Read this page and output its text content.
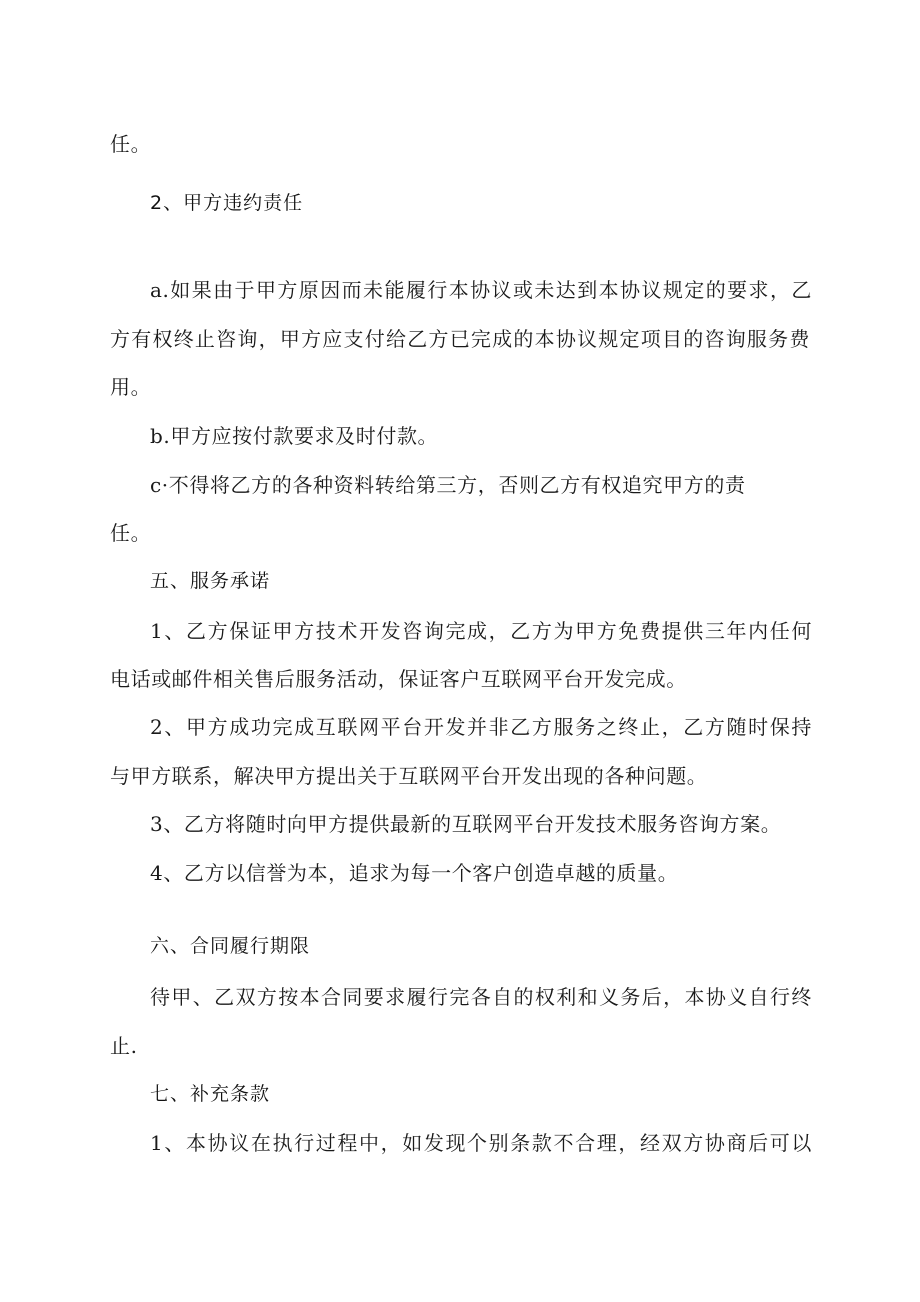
任。
2、甲方违约责任
a.如果由于甲方原因而未能履行本协议或未达到本协议规定的要求，乙
方有权终止咨询，甲方应支付给乙方已完成的本协议规定项目的咨询服务费
用。
b.甲方应按付款要求及时付款。
c·不得将乙方的各种资料转给第三方，否则乙方有权追究甲方的责
任。
五、服务承诺
1、乙方保证甲方技术开发咨询完成，乙方为甲方免费提供三年内任何
电话或邮件相关售后服务活动，保证客户互联网平台开发完成。
2、甲方成功完成互联网平台开发并非乙方服务之终止，乙方随时保持
与甲方联系，解决甲方提出关于互联网平台开发出现的各种问题。
3、乙方将随时向甲方提供最新的互联网平台开发技术服务咨询方案。
4、乙方以信誉为本，追求为每一个客户创造卓越的质量。
六、合同履行期限
待甲、乙双方按本合同要求履行完各自的权利和义务后，本协义自行终
止.
七、补充条款
1、本协议在执行过程中，如发现个别条款不合理，经双方协商后可以
